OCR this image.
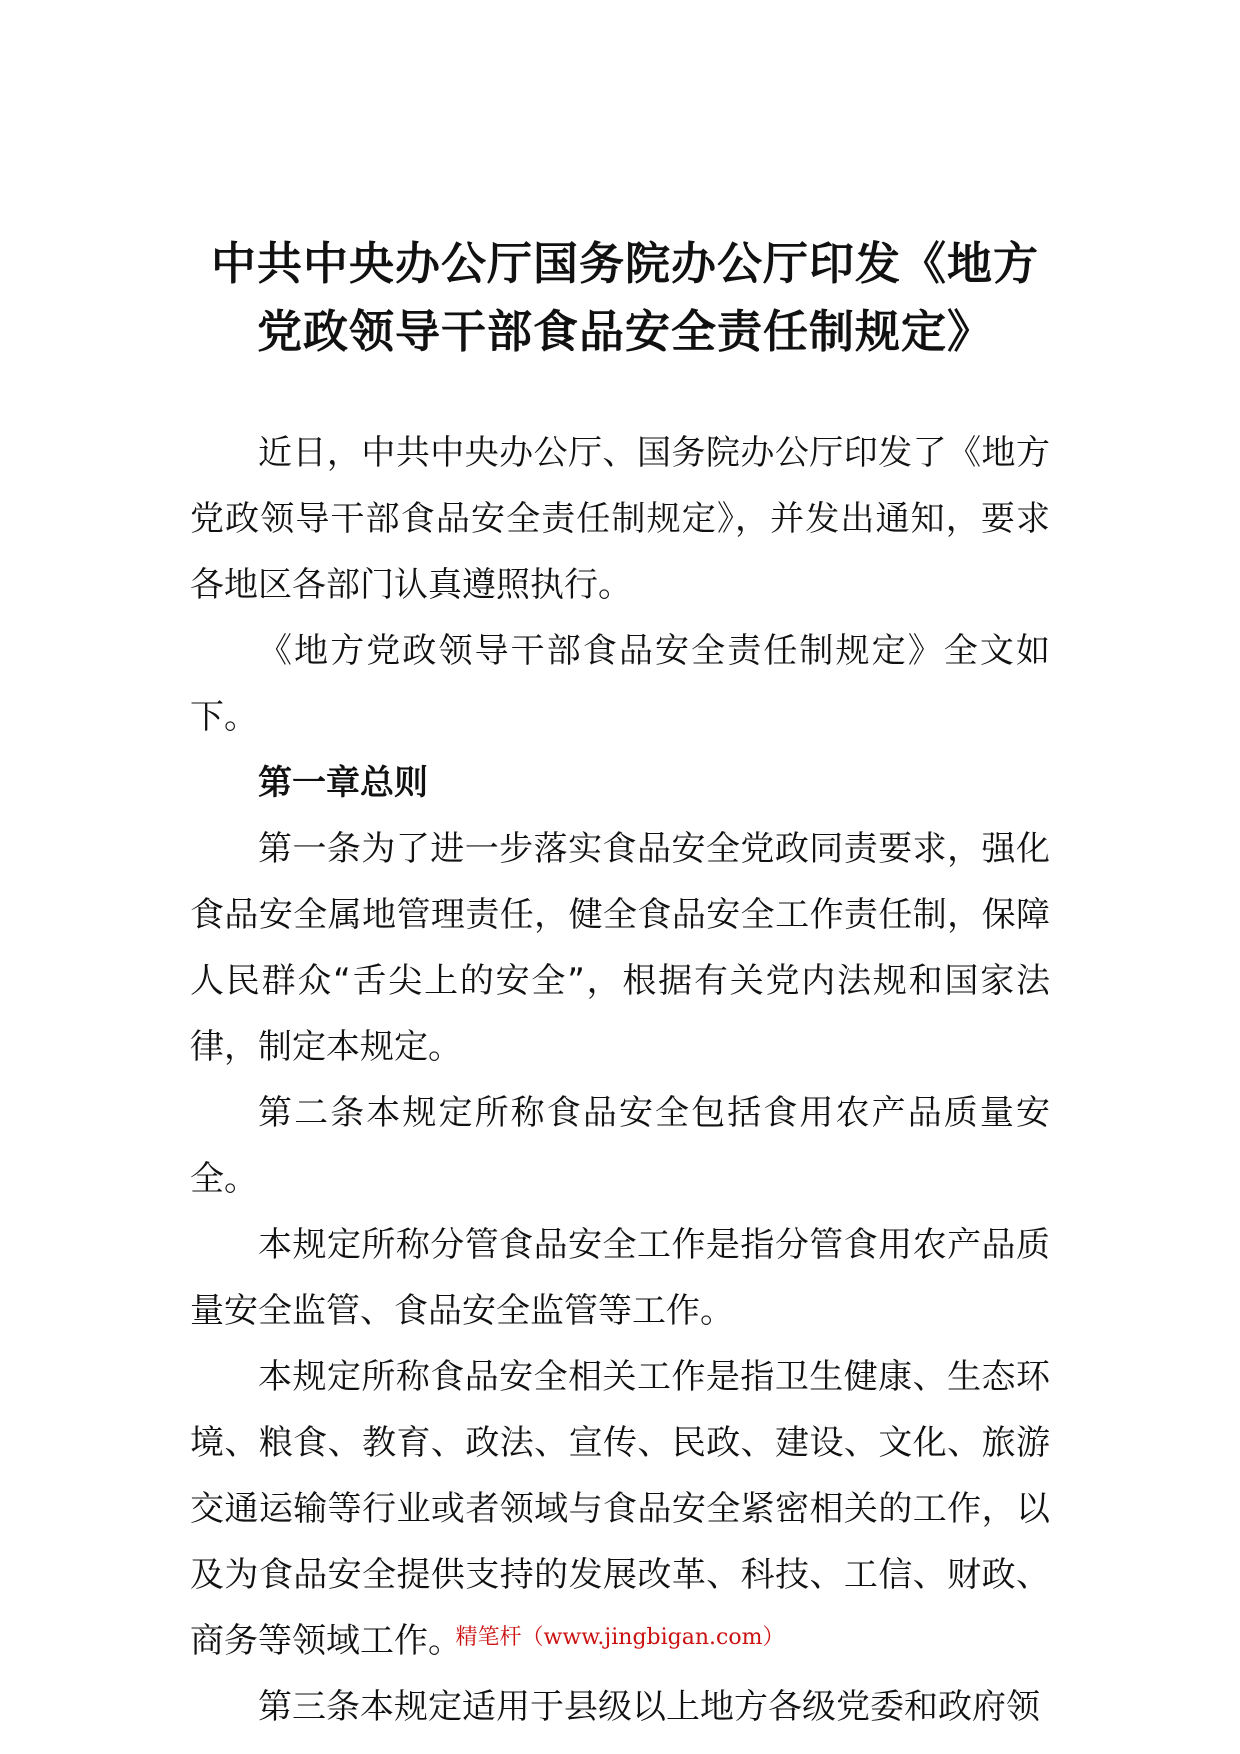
中共中央办公厅国务院办公厅印发《地方
党政领导干部食品安全责任制规定》

近日，中共中央办公厅、国务院办公厅印发了《地方党政领导干部食品安全责任制规定》，并发出通知，要求各地区各部门认真遵照执行。

《地方党政领导干部食品安全责任制规定》全文如下。

第一章总则

第一条为了进一步落实食品安全党政同责要求，强化食品安全属地管理责任，健全食品安全工作责任制，保障人民群众“舌尖上的安全”，根据有关党内法规和国家法律，制定本规定。

第二条本规定所称食品安全包括食用农产品质量安全。

本规定所称分管食品安全工作是指分管食用农产品质量安全监管、食品安全监管等工作。

本规定所称食品安全相关工作是指卫生健康、生态环境、粮食、教育、政法、宣传、民政、建设、文化、旅游交通运输等行业或者领域与食品安全紧密相关的工作，以及为食品安全提供支持的发展改革、科技、工信、财政、商务等领域工作。

第三条本规定适用于县级以上地方各级党委和政府领

精笔杆（www.jingbigan.com）
